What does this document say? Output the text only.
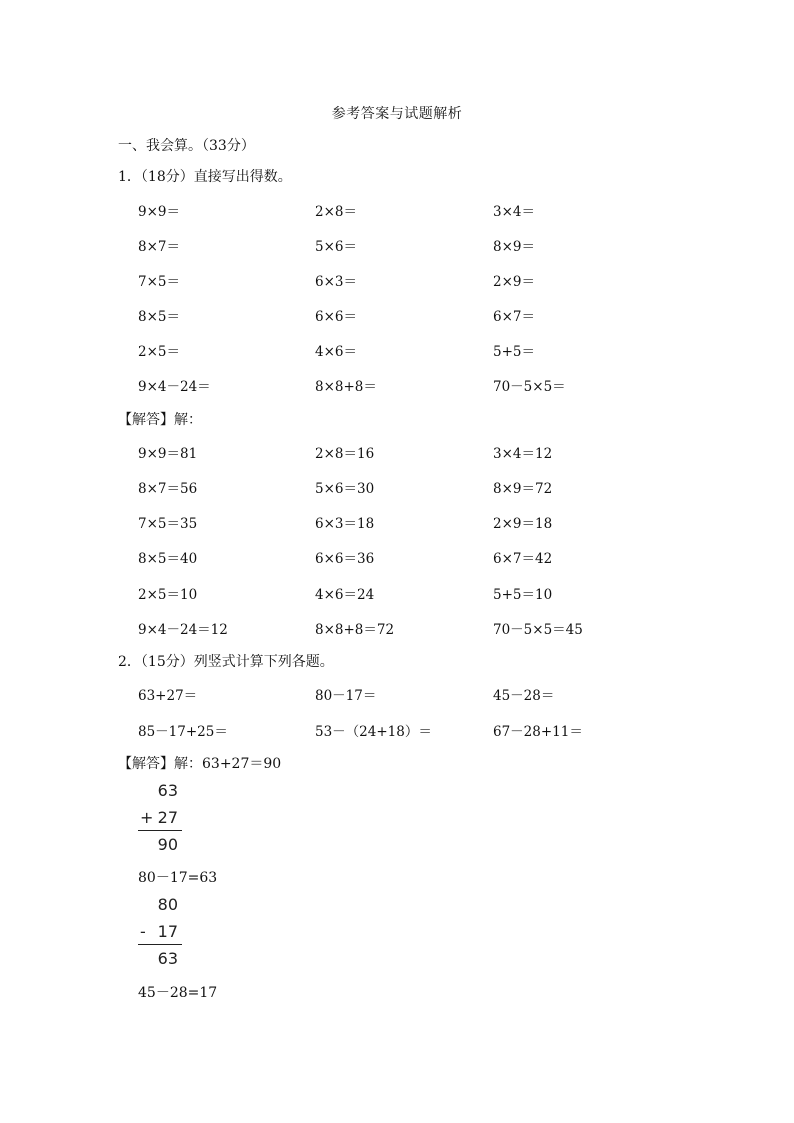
参考答案与试题解析
一、我会算。（33分）
1．（18分）直接写出得数。
9×9＝	2×8＝	3×4＝
8×7＝	5×6＝	8×9＝
7×5＝	6×3＝	2×9＝
8×5＝	6×6＝	6×7＝
2×5＝	4×6＝	5+5＝
9×4－24＝	8×8+8＝	70－5×5＝
【解答】解：
9×9＝81	2×8＝16	3×4＝12
8×7＝56	5×6＝30	8×9＝72
7×5＝35	6×3＝18	2×9＝18
8×5＝40	6×6＝36	6×7＝42
2×5＝10	4×6＝24	5+5＝10
9×4－24＝12	8×8+8＝72	70－5×5＝45
2．（15分）列竖式计算下列各题。
63+27＝	80－17＝	45－28＝
85－17+25＝	53－（24+18）＝	67－28+11＝
【解答】解：63+27＝90
63
+ 27
90
80－17=63
80
- 17
63
45－28=17
